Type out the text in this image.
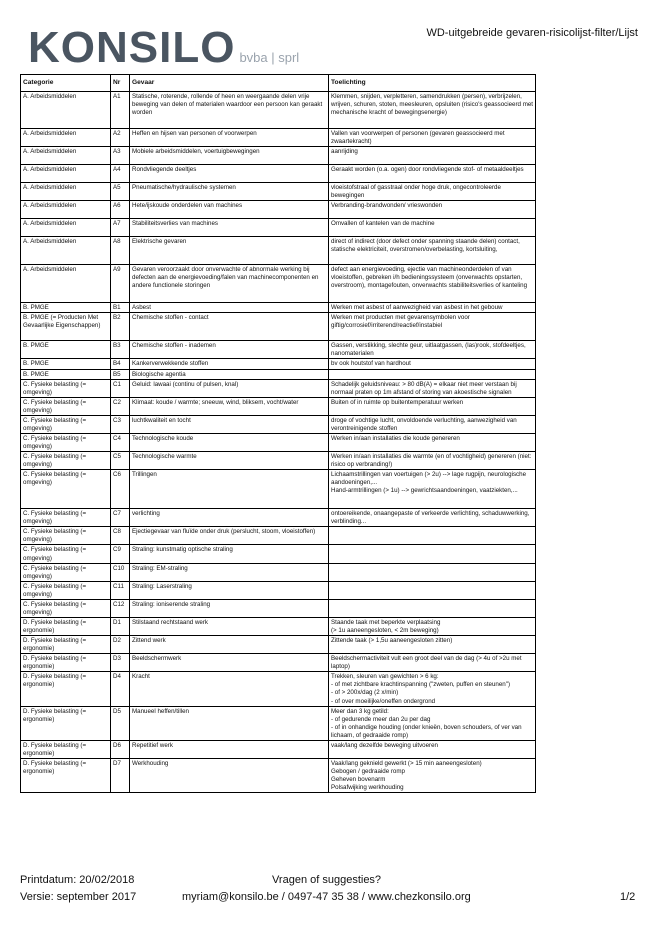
KONSILO bvba | sprl
WD-uitgebreide gevaren-risicolijst-filter/Lijst
Categorie	Nr	Gevaar	Toelichting
A. Arbeidsmiddelen	A1	Statische, roterende, rollende of heen en weergaande delen vrije beweging van delen of materialen waardoor een persoon kan geraakt worden	Klemmen, snijden, verpletteren, samendrukken (persen), verbrijzelen, wrijven, schuren, stoten, meesleuren, opsluiten (risico's geassocieerd met mechanische kracht of bewegingsenergie)
A. Arbeidsmiddelen	A2	Heffen en hijsen van personen of voorwerpen	Vallen van voorwerpen of personen (gevaren geassocieerd met zwaartekracht)
A. Arbeidsmiddelen	A3	Mobiele arbeidsmiddelen, voertuigbewegingen	aanrijding
A. Arbeidsmiddelen	A4	Rondvliegende deeltjes	Geraakt worden (o.a. ogen) door rondvliegende stof- of metaaldeeltjes
A. Arbeidsmiddelen	A5	Pneumatische/hydraulische systemen	vloeistofstraal of gasstraal onder hoge druk, ongecontroleerde bewegingen
A. Arbeidsmiddelen	A6	Hete/ijskoude onderdelen van machines	Verbranding-brandwonden/ vrieswonden
A. Arbeidsmiddelen	A7	Stabiliteitsverlies van machines	Omvallen of kantelen van de machine
A. Arbeidsmiddelen	A8	Elektrische gevaren	direct of indirect (door defect onder spanning staande delen) contact, statische elektriciteit, overstromen/overbelasting, kortsluiting,
A. Arbeidsmiddelen	A9	Gevaren veroorzaakt door onverwachte of abnormale werking bij defecten aan de energievoeding/falen van machinecomponenten en andere functionele storingen	defect aan energievoeding, ejectie van machineonderdelen of van vloeistoffen, gebreken i/h bedieningssysteem (onverwachts opstarten, overstroom), montagefouten, onverwachts stabiliteitsverlies of kanteling
B. PMGE	B1	Asbest	Werken met asbest of aanwezigheid van asbest in het gebouw
B. PMGE (= Producten Met Gevaarlijke Eigenschappen)	B2	Chemische stoffen - contact	Werken met producten met gevarensymbolen voor giftig/corrosief/irriterend/reactief/instabiel
B. PMGE	B3	Chemische stoffen - inademen	Gassen, verstikking, slechte geur, uitlaatgassen, (las)rook, stofdeeltjes, nanomaterialen
B. PMGE	B4	Kankerverwekkende stoffen	bv ook houtstof van hardhout
B. PMGE	B5	Biologische agentia	
C. Fysieke belasting (= omgeving)	C1	Geluid: lawaai (continu of pulsen, knal)	Schadelijk geluidsniveau: > 80 dB(A) = elkaar niet meer verstaan bij normaal praten op 1m afstand of storing van akoestische signalen
C. Fysieke belasting (= omgeving)	C2	Klimaat: koude / warmte; sneeuw, wind, bliksem, vocht/water	Buiten of in ruimte op buitentemperatuur werken
C. Fysieke belasting (= omgeving)	C3	luchtkwaliteit en tocht	droge of vochtige lucht, onvoldoende verluchting, aanwezigheid van verontreinigende stoffen
C. Fysieke belasting (= omgeving)	C4	Technologische koude	Werken in/aan installaties die koude genereren
C. Fysieke belasting (= omgeving)	C5	Technologische warmte	Werken in/aan installaties die warmte (en of vochtigheid) genereren (niet: risico op verbranding!)
C. Fysieke belasting (= omgeving)	C6	Trillingen	Lichaamstrillingen van voertuigen (> 2u) --> lage rugpijn, neurologische aandoeningen,...
Hand-armtrillingen (> 1u) --> gewrichtsaandoeningen, vaatziekten,...
C. Fysieke belasting (= omgeving)	C7	verlichting	ontoereikende, onaangepaste of verkeerde verlichting, schaduwwerking, verblinding...
C. Fysieke belasting (= omgeving)	C8	Ejectiegevaar van fluïde onder druk (perslucht, stoom, vloeistoffen)	
C. Fysieke belasting (= omgeving)	C9	Straling: kunstmatig optische straling	
C. Fysieke belasting (= omgeving)	C10	Straling: EM-straling	
C. Fysieke belasting (= omgeving)	C11	Straling: Laserstraling	
C. Fysieke belasting (= omgeving)	C12	Straling: ioniserende straling	
D. Fysieke belasting (= ergonomie)	D1	Stilstaand rechtstaand werk	Staande taak met beperkte verplaatsing
(> 1u aaneengesloten, < 2m beweging)
D. Fysieke belasting (= ergonomie)	D2	Zittend werk	Zittende taak (> 1,5u aaneengesloten zitten)
D. Fysieke belasting (= ergonomie)	D3	Beeldschermwerk	Beeldschermactiviteit vult een groot deel van de dag (> 4u of >2u met laptop)
D. Fysieke belasting (= ergonomie)	D4	Kracht	Trekken, sleuren van gewichten > 6 kg:
- of met zichtbare krachtinspanning ("zweten, puffen en steunen")
- of > 200x/dag (2 x/min)
- of over moeilijke/oneffen ondergrond
D. Fysieke belasting (= ergonomie)	D5	Manueel heffen/tillen	Meer dan 3 kg getild:
- of gedurende meer dan 2u per dag
- of in onhandige houding (onder knieën, boven schouders, of ver van lichaam, of gedraaide romp)
D. Fysieke belasting (= ergonomie)	D6	Repetitief werk	vaak/lang dezelfde beweging uitvoeren
D. Fysieke belasting (= ergonomie)	D7	Werkhouding	Vaak/lang geknield gewerkt (> 15 min aaneengesloten)
Gebogen / gedraaide romp
Geheven bovenarm
Polsafwijking werkhouding
Printdatum: 20/02/2018
Versie: september 2017
Vragen of suggesties?
myriam@konsilo.be / 0497-47 35 38 / www.chezkonsilo.org	1/2
